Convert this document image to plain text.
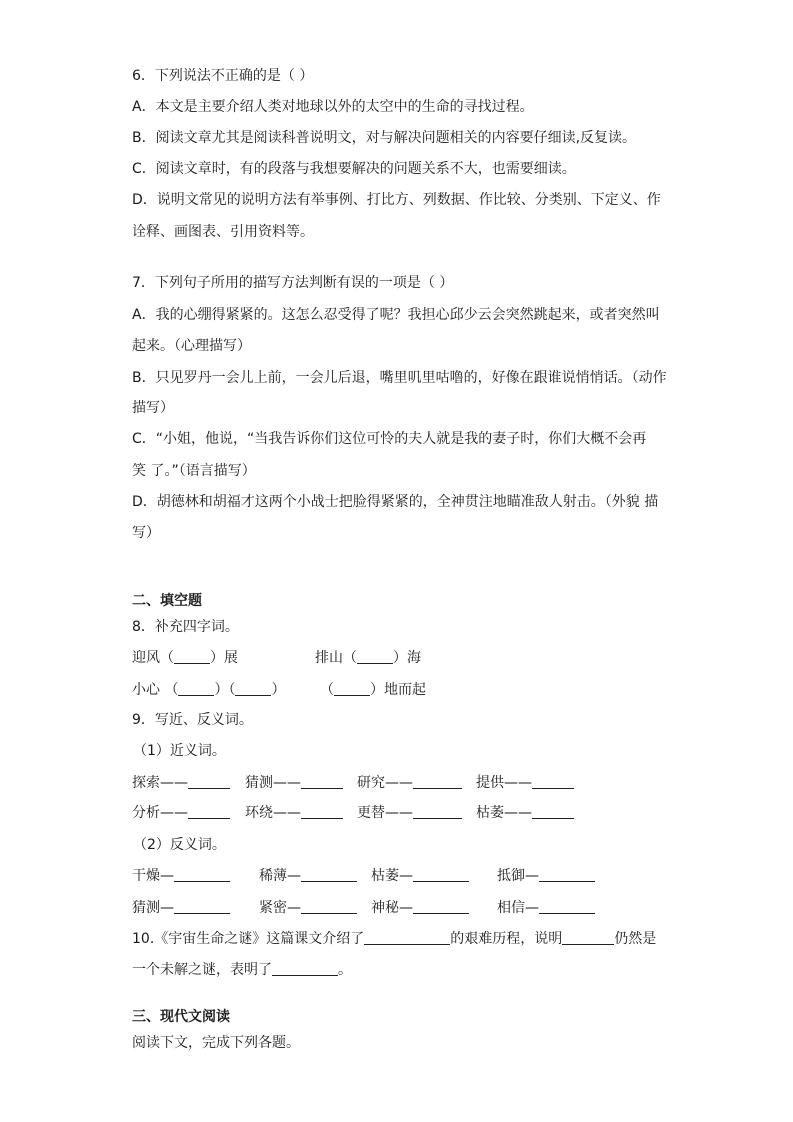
6．下列说法不正确的是（ ）
A．本文是主要介绍人类对地球以外的太空中的生命的寻找过程。
B．阅读文章尤其是阅读科普说明文，对与解决问题相关的内容要仔细读,反复读。
C．阅读文章时，有的段落与我想要解决的问题关系不大，也需要细读。
D．说明文常见的说明方法有举事例、打比方、列数据、作比较、分类别、下定义、作
诠释、画图表、引用资料等。
7．下列句子所用的描写方法判断有误的一项是（ ）
A．我的心绷得紧紧的。这怎么忍受得了呢？我担心邱少云会突然跳起来，或者突然叫
起来。（心理描写）
B．只见罗丹一会儿上前，一会儿后退，嘴里叽里咕噜的，好像在跟谁说悄悄话。（动作
描写）
C．“小姐，他说，“当我告诉你们这位可怜的夫人就是我的妻子时，你们大概不会再
笑 了。”（语言描写）
D．胡德林和胡福才这两个小战士把脸得紧紧的，全神贯注地瞄准敌人射击。（外貌 描
写）
二、填空题
8．补充四字词。
迎风（	）展	排山（	）海
小心 （	）（	） （	）地而起
9．写近、反义词。
（1）近义词。
探索——	猜测——	研究——	提供——
分析——	环绕——	更替——	枯萎——
（2）反义词。
干燥—	稀薄—	枯萎—	抵御—
猜测—	紧密—	神秘—	相信—
10.《宇宙生命之谜》这篇课文介绍了	的艰难历程，说明	仍然是
一个未解之谜，表明了	。
三、现代文阅读
阅读下文，完成下列各题。
